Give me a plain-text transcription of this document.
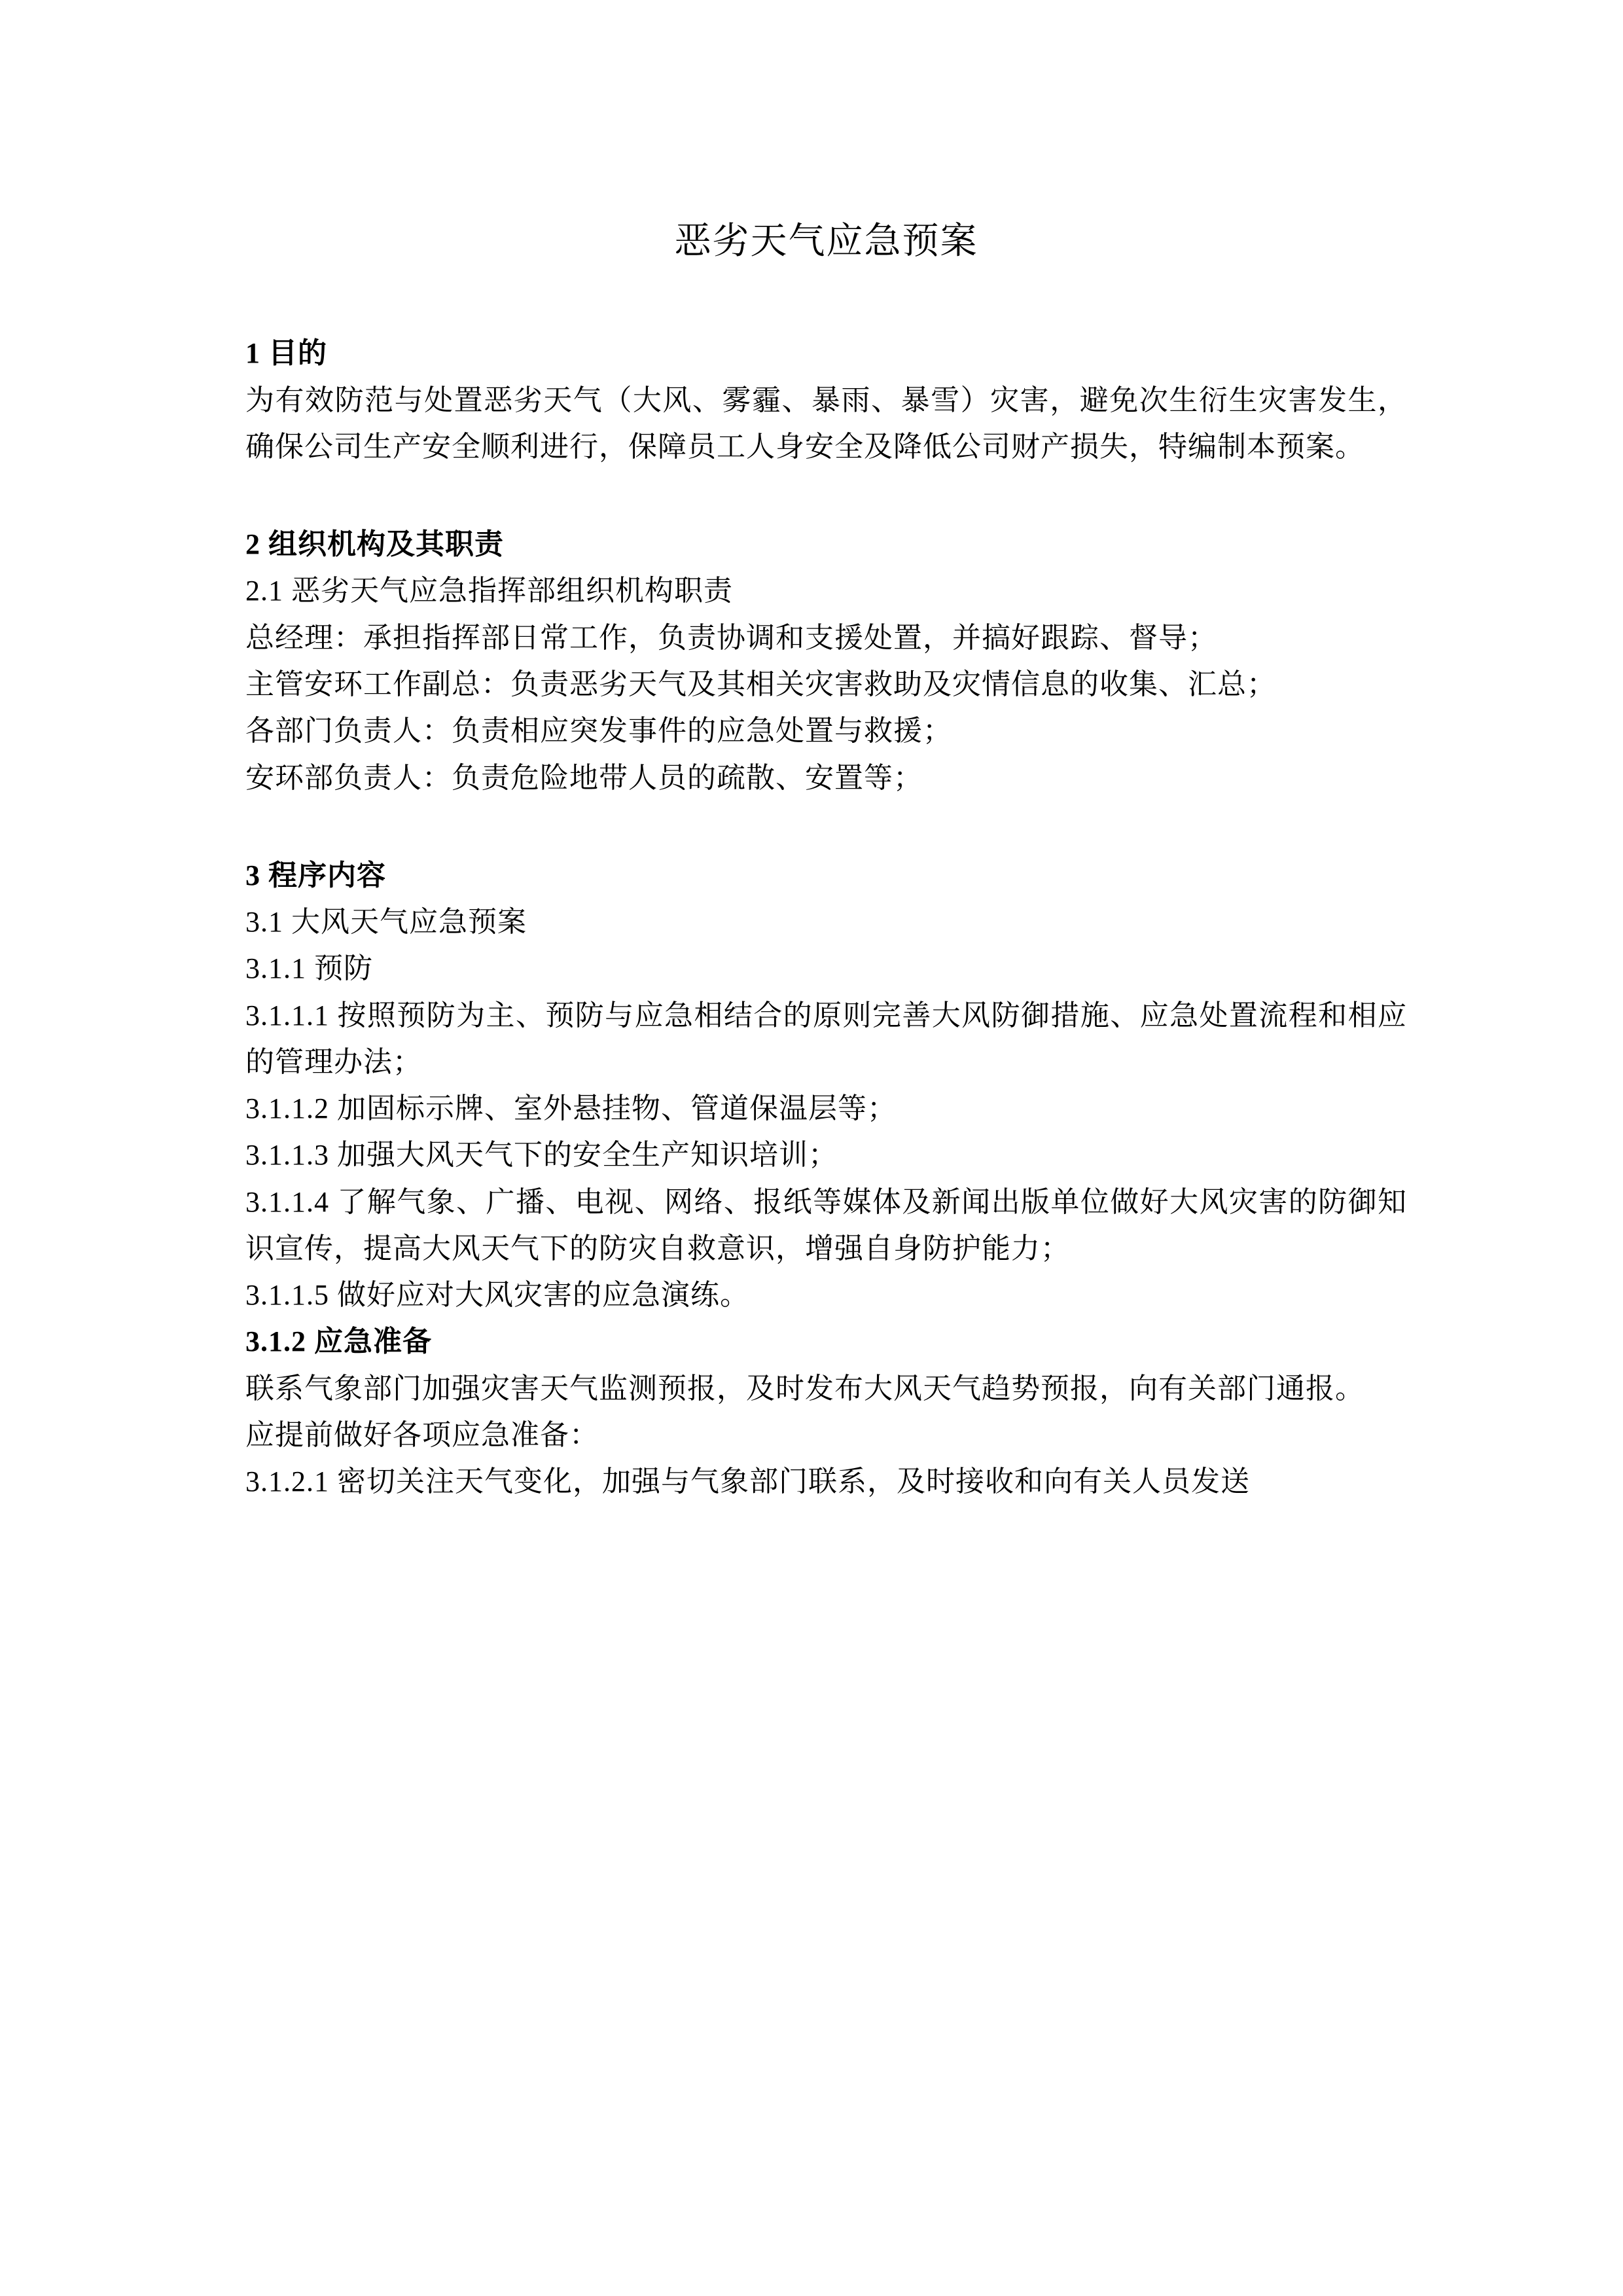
恶劣天气应急预案
1 目的

为有效防范与处置恶劣天气（大风、雾霾、暴雨、暴雪）灾害，避免次生衍生灾害发生，确保公司生产安全顺利进行，保障员工人身安全及降低公司财产损失，特编制本预案。

2 组织机构及其职责
2.1 恶劣天气应急指挥部组织机构职责

总经理：承担指挥部日常工作，负责协调和支援处置，并搞好跟踪、督导；

主管安环工作副总：负责恶劣天气及其相关灾害救助及灾情信息的收集、汇总；

各部门负责人：负责相应突发事件的应急处置与救援；

安环部负责人：负责危险地带人员的疏散、安置等；

3 程序内容
3.1 大风天气应急预案
3.1.1 预防

3.1.1.1 按照预防为主、预防与应急相结合的原则完善大风防御措施、应急处置流程和相应的管理办法；

3.1.1.2 加固标示牌、室外悬挂物、管道保温层等；

3.1.1.3 加强大风天气下的安全生产知识培训；

3.1.1.4 了解气象、广播、电视、网络、报纸等媒体及新闻出版单位做好大风灾害的防御知识宣传，提高大风天气下的防灾自救意识，增强自身防护能力；

3.1.1.5 做好应对大风灾害的应急演练。

3.1.2 应急准备

联系气象部门加强灾害天气监测预报，及时发布大风天气趋势预报，向有关部门通报。

应提前做好各项应急准备：

3.1.2.1 密切关注天气变化，加强与气象部门联系，及时接收和向有关人员发送
